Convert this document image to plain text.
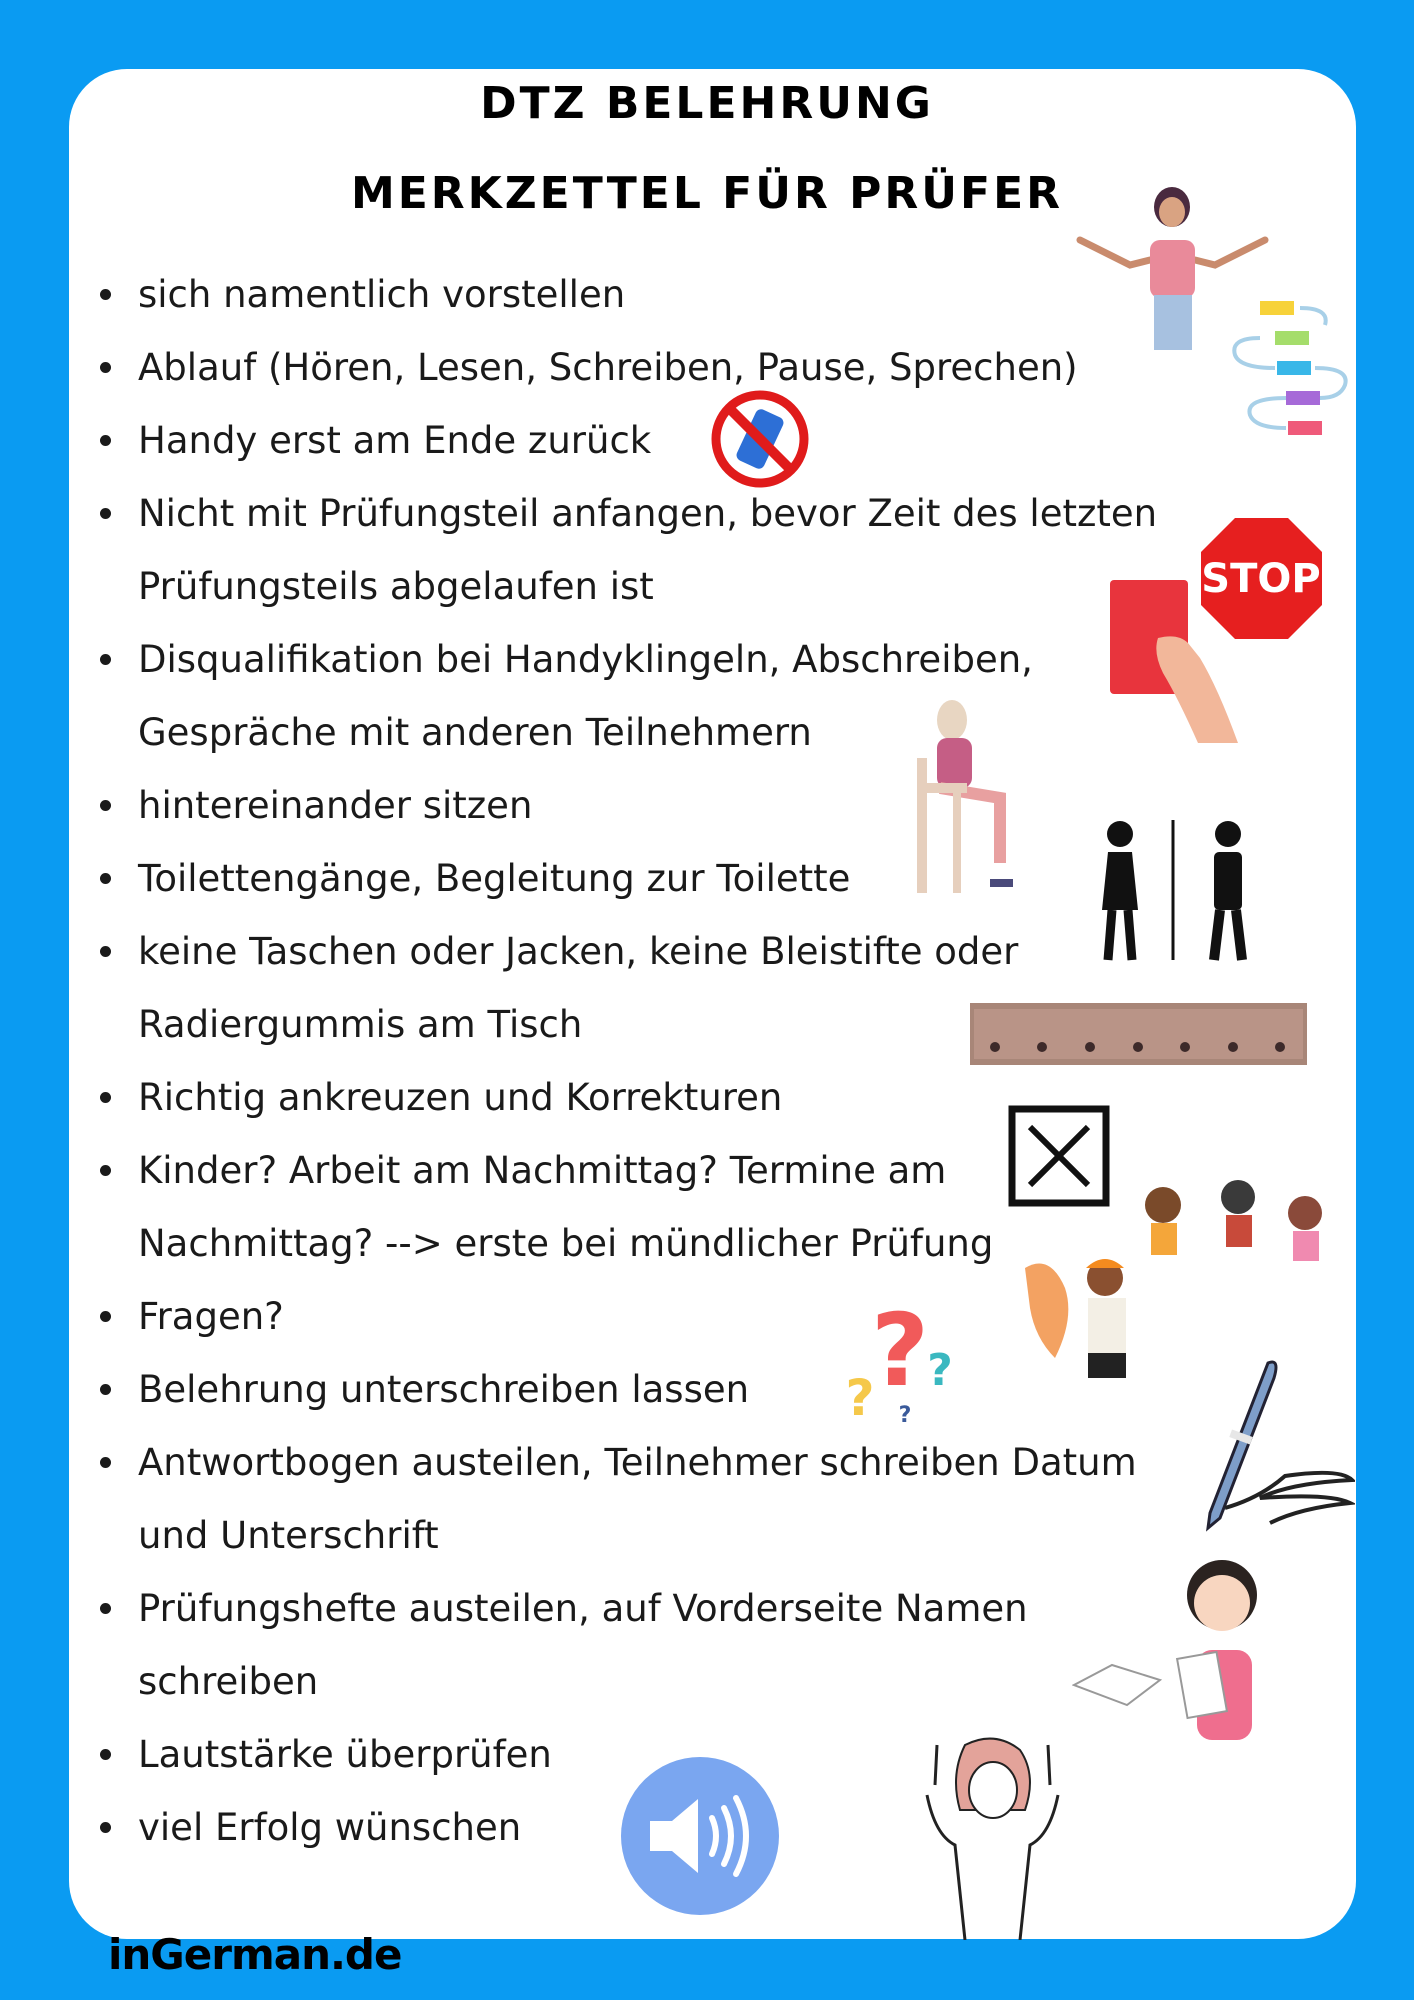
DTZ BELEHRUNG
MERKZETTEL FÜR PRÜFER
sich namentlich vorstellen
Ablauf (Hören, Lesen, Schreiben, Pause, Sprechen)
Handy erst am Ende zurück
Nicht mit Prüfungsteil anfangen, bevor Zeit des letzten
Prüfungsteils abgelaufen ist
Disqualifikation bei Handyklingeln, Abschreiben,
Gespräche mit anderen Teilnehmern
hintereinander sitzen
Toilettengänge, Begleitung zur Toilette
keine Taschen oder Jacken, keine Bleistifte oder
Radiergummis am Tisch
Richtig ankreuzen und Korrekturen
Kinder? Arbeit am Nachmittag? Termine am
Nachmittag? --> erste bei mündlicher Prüfung
Fragen?
Belehrung unterschreiben lassen
Antwortbogen austeilen, Teilnehmer schreiben Datum
und Unterschrift
Prüfungshefte austeilen, auf Vorderseite Namen
schreiben
Lautstärke überprüfen
viel Erfolg wünschen
STOP
?
? ?
?
inGerman.de
